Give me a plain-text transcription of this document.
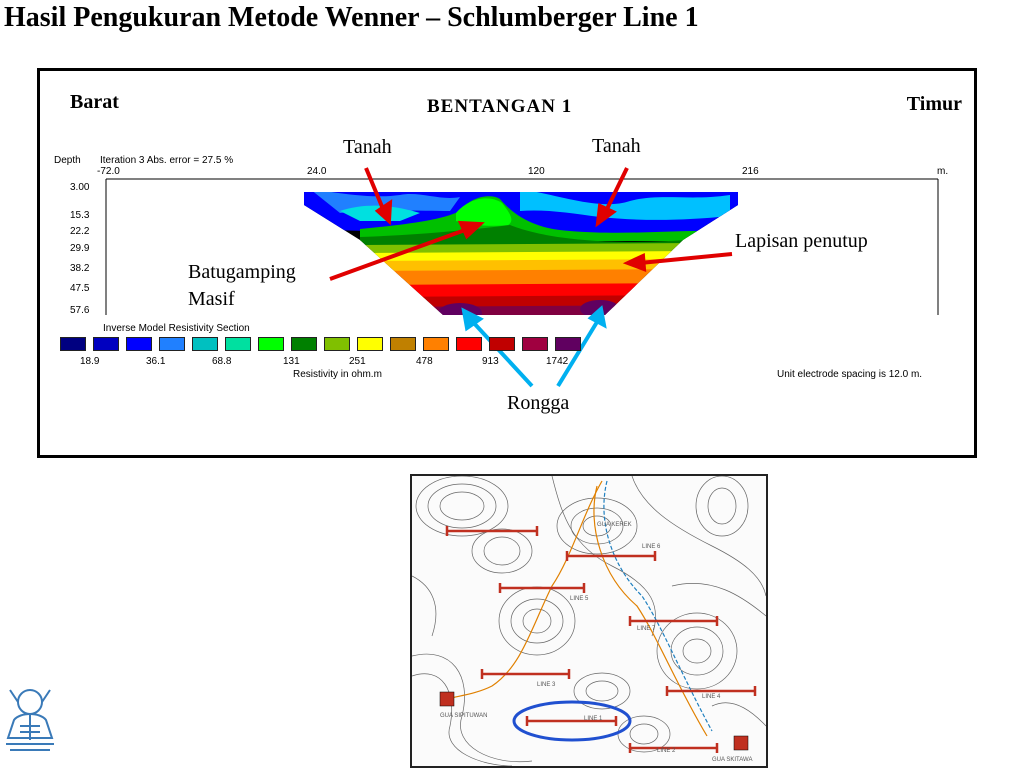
Hasil Pengukuran Metode Wenner – Schlumberger Line 1
Barat	Timur
BENTANGAN 1
Depth Iteration 3 Abs. error = 27.5 %
-72.0	24.0	120	216	m.
3.00
15.3
22.2
29.9
38.2
47.5
57.6
Tanah	Tanah
Lapisan penutup
Batugamping
Masif
Rongga
Inverse Model Resistivity Section
18.9	36.1	68.8	131	251	478	913	1742
Resistivity in ohm.m	Unit electrode spacing is 12.0 m.
LINE 1
LINE 2
LINE 3
LINE 4
LINE 5
LINE 6
LINE 7
GUA KEREK
GUA SIPITUWAN
GUA SKITAWA
